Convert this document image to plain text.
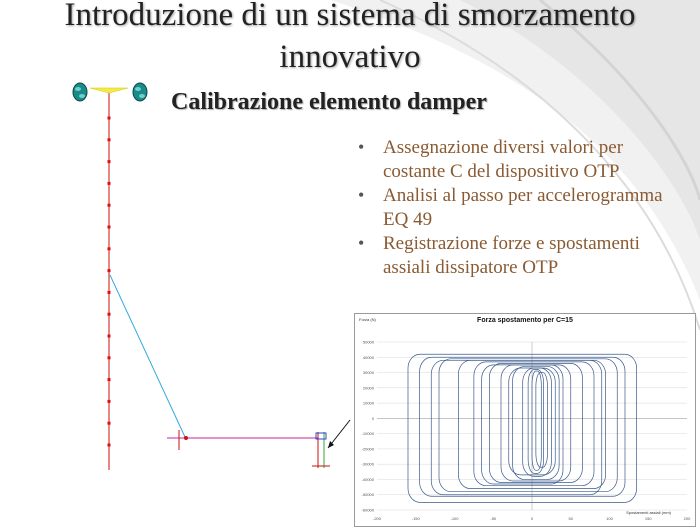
Introduzione di un sistema di smorzamento innovativo
Calibrazione elemento damper
• Assegnazione diversi valori per costante C del dispositivo OTP
• Analisi al passo per accelerogramma EQ 49
• Registrazione forze e spostamenti assiali dissipatore OTP
50000
40000
30000
20000
10000
0
-10000
-20000
-30000
-40000
-50000
-60000
-200	-150	-100	-50	0	50	100	150	200
Forza spostamento per C=15
Forza (N)
Spostamenti assiali (mm)
